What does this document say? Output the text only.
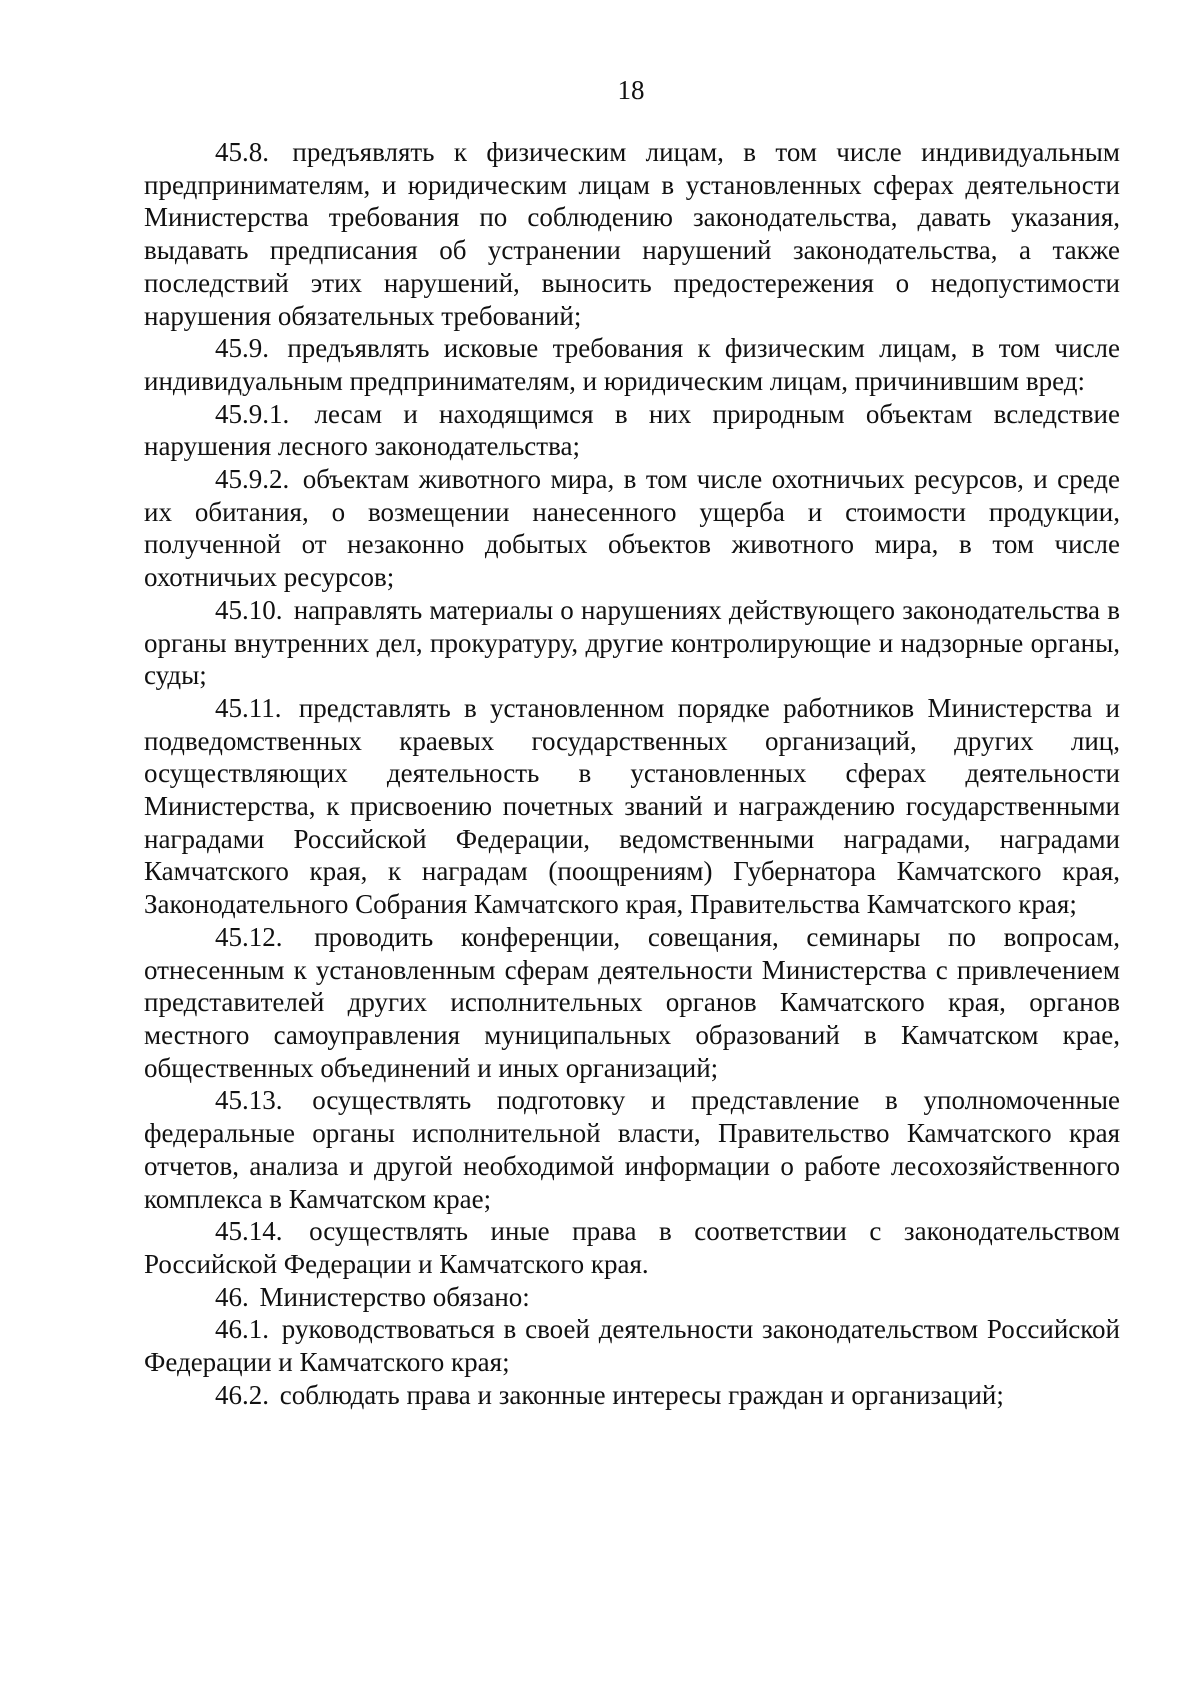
18

45.8. предъявлять к физическим лицам, в том числе индивидуальным предпринимателям, и юридическим лицам в установленных сферах деятельности Министерства требования по соблюдению законодательства, давать указания, выдавать предписания об устранении нарушений законодательства, а также последствий этих нарушений, выносить предостережения о недопустимости нарушения обязательных требований;

45.9. предъявлять исковые требования к физическим лицам, в том числе индивидуальным предпринимателям, и юридическим лицам, причинившим вред:

45.9.1. лесам и находящимся в них природным объектам вследствие нарушения лесного законодательства;

45.9.2. объектам животного мира, в том числе охотничьих ресурсов, и среде их обитания, о возмещении нанесенного ущерба и стоимости продукции, полученной от незаконно добытых объектов животного мира, в том числе охотничьих ресурсов;

45.10. направлять материалы о нарушениях действующего законодательства в органы внутренних дел, прокуратуру, другие контролирующие и надзорные органы, суды;

45.11. представлять в установленном порядке работников Министерства и подведомственных краевых государственных организаций, других лиц, осуществляющих деятельность в установленных сферах деятельности Министерства, к присвоению почетных званий и награждению государственными наградами Российской Федерации, ведомственными наградами, наградами Камчатского края, к наградам (поощрениям) Губернатора Камчатского края, Законодательного Собрания Камчатского края, Правительства Камчатского края;

45.12. проводить конференции, совещания, семинары по вопросам, отнесенным к установленным сферам деятельности Министерства с привлечением представителей других исполнительных органов Камчатского края, органов местного самоуправления муниципальных образований в Камчатском крае, общественных объединений и иных организаций;

45.13. осуществлять подготовку и представление в уполномоченные федеральные органы исполнительной власти, Правительство Камчатского края отчетов, анализа и другой необходимой информации о работе лесохозяйственного комплекса в Камчатском крае;

45.14. осуществлять иные права в соответствии с законодательством Российской Федерации и Камчатского края.

46. Министерство обязано:

46.1. руководствоваться в своей деятельности законодательством Российской Федерации и Камчатского края;

46.2. соблюдать права и законные интересы граждан и организаций;
